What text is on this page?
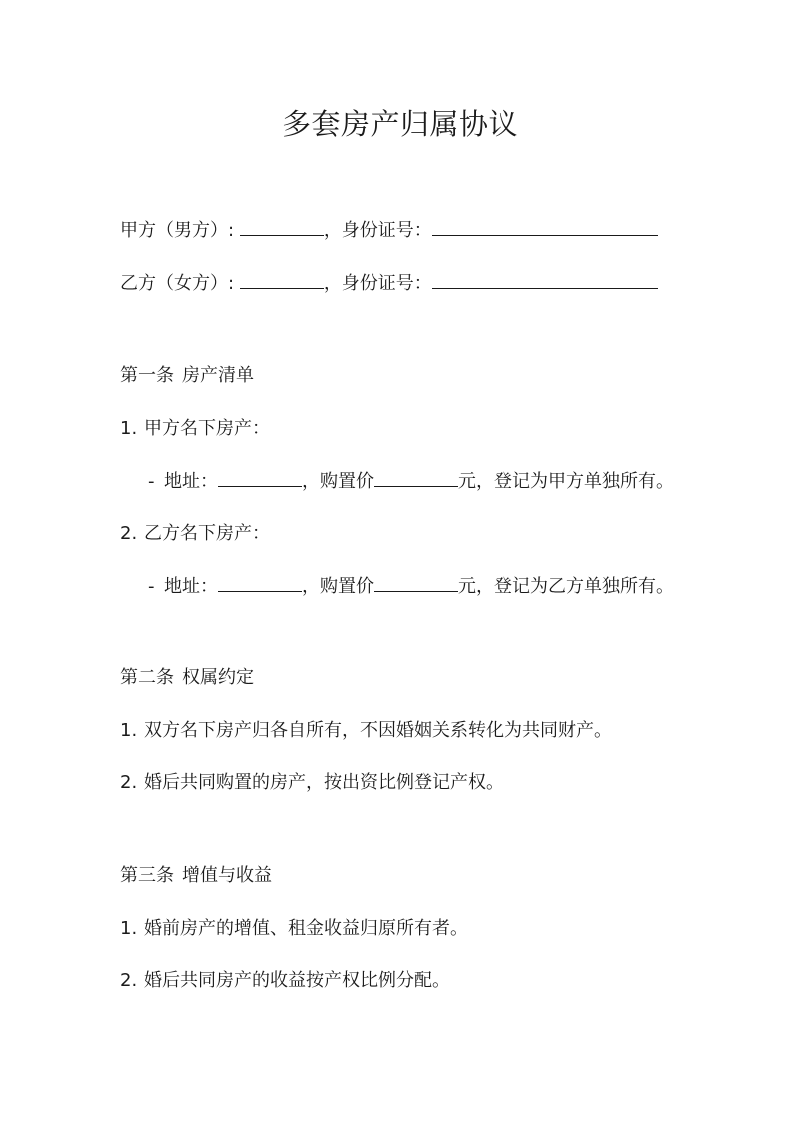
多套房产归属协议
甲方（男方）:	，身份证号：
乙方（女方）:	，身份证号：
第一条 房产清单
1. 甲方名下房产：
- 地址：	，购置价	元，登记为甲方单独所有。
2. 乙方名下房产：
- 地址：	，购置价	元，登记为乙方单独所有。
第二条 权属约定
1. 双方名下房产归各自所有，不因婚姻关系转化为共同财产。
2. 婚后共同购置的房产，按出资比例登记产权。
第三条 增值与收益
1. 婚前房产的增值、租金收益归原所有者。
2. 婚后共同房产的收益按产权比例分配。
